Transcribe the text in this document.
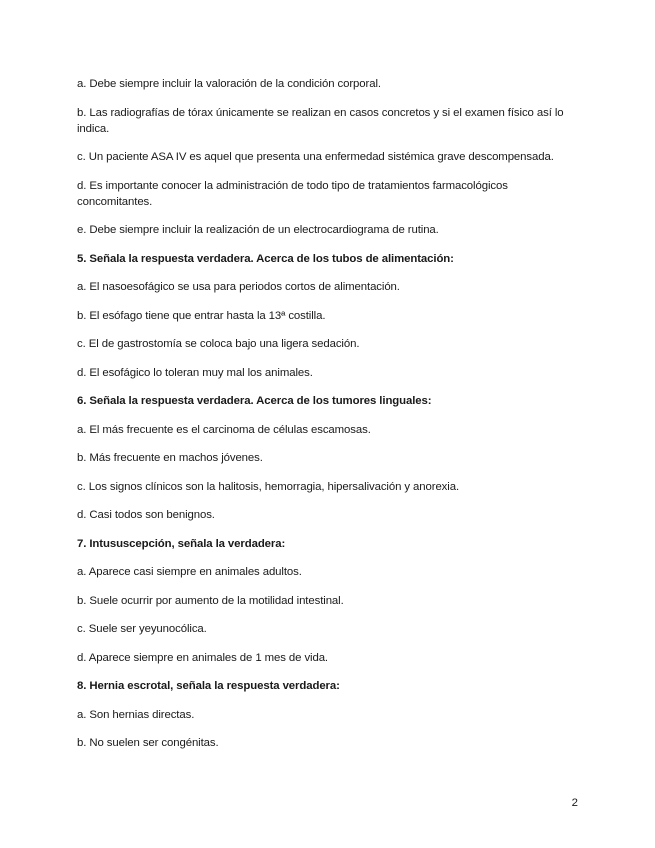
a. Debe siempre incluir la valoración de la condición corporal.

b. Las radiografías de tórax únicamente se realizan en casos concretos y si el examen físico así lo indica.

c. Un paciente ASA IV es aquel que presenta una enfermedad sistémica grave descompensada.

d. Es importante conocer la administración de todo tipo de tratamientos farmacológicos concomitantes.

e. Debe siempre incluir la realización de un electrocardiograma de rutina.

5. Señala la respuesta verdadera. Acerca de los tubos de alimentación:

a. El nasoesofágico se usa para periodos cortos de alimentación.

b. El esófago tiene que entrar hasta la 13ª costilla.

c. El de gastrostomía se coloca bajo una ligera sedación.

d. El esofágico lo toleran muy mal los animales.

6. Señala la respuesta verdadera. Acerca de los tumores linguales:

a. El más frecuente es el carcinoma de células escamosas.

b. Más frecuente en machos jóvenes.

c. Los signos clínicos son la halitosis, hemorragia, hipersalivación y anorexia.

d. Casi todos son benignos.

7. Intususcepción, señala la verdadera:

a. Aparece casi siempre en animales adultos.

b. Suele ocurrir por aumento de la motilidad intestinal.

c. Suele ser yeyunocólica.

d. Aparece siempre en animales de 1 mes de vida.

8. Hernia escrotal, señala la respuesta verdadera:

a. Son hernias directas.

b. No suelen ser congénitas.

2
